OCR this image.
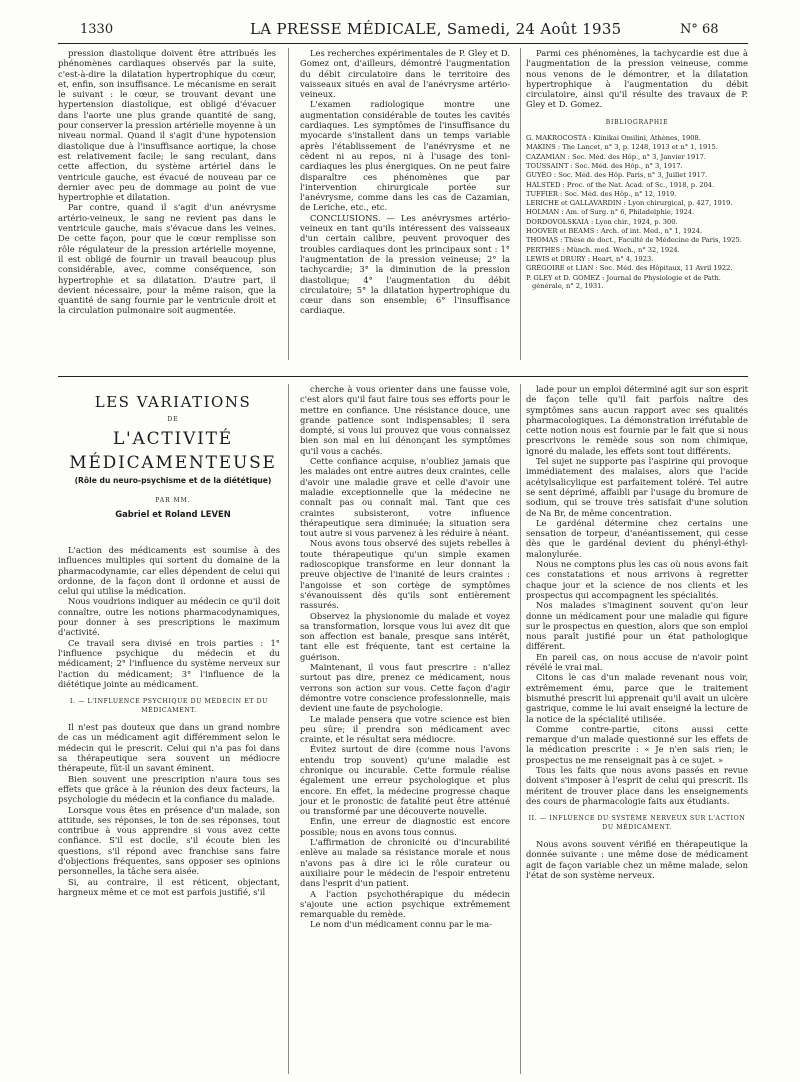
1330	LA PRESSE MÉDICALE, Samedi, 24 Août 1935	N° 68

pression diastolique doivent être attribués les phénomènes cardiaques observés par la suite, c'est-à-dire la dilatation hypertrophique du cœur, et, enfin, son insuffisance. Le mécanisme en serait le suivant : le cœur, se trouvant devant une hypertension diastolique, est obligé d'évacuer dans l'aorte une plus grande quantité de sang, pour conserver la pression artérielle moyenne à un niveau normal. Quand il s'agit d'une hypotension diastolique due à l'insuffisance aortique, la chose est relativement facile; le sang reculant, dans cette affection, du système artériel dans le ventricule gauche, est évacué de nouveau par ce dernier avec peu de dommage au point de vue hypertrophie et dilatation.

Par contre, quand il s'agit d'un anévrysme artério-veineux, le sang ne revient pas dans le ventricule gauche, mais s'évacue dans les veines. De cette façon, pour que le cœur remplisse son rôle régulateur de la pression artérielle moyenne, il est obligé de fournir un travail beaucoup plus considérable, avec, comme conséquence, son hypertrophie et sa dilatation. D'autre part, il devient nécessaire, pour la même raison, que la quantité de sang fournie par le ventricule droit et la circulation pulmonaire soit augmentée.

Les recherches expérimentales de P. Gley et D. Gomez ont, d'ailleurs, démontré l'augmentation du débit circulatoire dans le territoire des vaisseaux situés en aval de l'anévrysme artério-veineux.

L'examen radiologique montre une augmentation considérable de toutes les cavités cardiaques. Les symptômes de l'insuffisance du myocarde s'installent dans un temps variable après l'établissement de l'anévrysme et ne cèdent ni au repos, ni à l'usage des toni-cardiaques les plus énergiques. On ne peut faire disparaître ces phénomènes que par l'intervention chirurgicale portée sur l'anévrysme, comme dans les cas de Cazamian, de Leriche, etc., etc.

CONCLUSIONS. — Les anévrysmes artério-veineux en tant qu'ils intéressent des vaisseaux d'un certain calibre, peuvent provoquer des troubles cardiaques dont les principaux sont : 1° l'augmentation de la pression veineuse; 2° la tachycardie; 3° la diminution de la pression diastolique; 4° l'augmentation du débit circulatoire; 5° la dilatation hypertrophique du cœur dans son ensemble; 6° l'insuffisance cardiaque.

Parmi ces phénomènes, la tachycardie est due à l'augmentation de la pression veineuse, comme nous venons de le démontrer, et la dilatation hypertrophique à l'augmentation du débit circulatoire, ainsi qu'il résulte des travaux de P. Gley et D. Gomez.

BIBLIOGRAPHIE
G. MAKROCOSTA : Klinikai Omilini, Athènes, 1908.
MAKINS : The Lancet, n° 3, p. 1248, 1913 et n° 1, 1915.
CAZAMIAN : Soc. Méd. des Hôp., n° 3, Janvier 1917.
TOUSSAINT : Soc. Méd. des Hôp., n° 3, 1917.
GUYÉO : Soc. Méd. des Hôp. Paris, n° 3, Juillet 1917.
HALSTED : Proc. of the Nat. Acad. of Sc., 1918, p. 204.
TUFFIER : Soc. Méd. des Hôp., n° 12, 1919.
LERICHE et GALLAVARDIN : Lyon chirurgical, p. 427, 1919.
HOLMAN : Am. of Surg. n° 6, Philadelphie, 1924.
DORDOVOLSKAIA : Lyon chir., 1924, p. 300.
HOOVER et BEAMS : Arch. of int. Med., n° 1, 1924.
THOMAS : Thèse de doct., Faculté de Médecine de Paris, 1925.
PERTHES : Münch. med. Woch., n° 32, 1924.
LEWIS et DRURY : Heart, n° 4, 1923.
GRÉGOIRE et LIAN : Soc. Méd. des Hôpitaux, 11 Avril 1922.
P. GLEY et D. GOMEZ : Journal de Physiologie et de Path. générale, n° 2, 1931.
LES VARIATIONS
DE
L'ACTIVITÉ
MÉDICAMENTEUSE
(Rôle du neuro-psychisme et de la diététique)
PAR MM.
Gabriel et Roland LEVEN

L'action des médicaments est soumise à des influences multiples qui sortent du domaine de la pharmacodynamie, car elles dépendent de celui qui ordonne, de la façon dont il ordonne et aussi de celui qui utilise la médication.

Nous voudrions indiquer au médecin ce qu'il doit connaître, outre les notions pharmacodynamiques, pour donner à ses prescriptions le maximum d'activité.

Ce travail sera divisé en trois parties : 1° l'influence psychique du médecin et du médicament; 2° l'influence du système nerveux sur l'action du médicament; 3° l'influence de la diététique jointe au médicament.

I. — L'INFLUENCE PSYCHIQUE DU MÉDECIN ET DU MÉDICAMENT.

Il n'est pas douteux que dans un grand nombre de cas un médicament agit différemment selon le médecin qui le prescrit. Celui qui n'a pas foi dans sa thérapeutique sera souvent un médiocre thérapeute, fût-il un savant éminent.

Bien souvent une prescription n'aura tous ses effets que grâce à la réunion des deux facteurs, la psychologie du médecin et la confiance du malade.

Lorsque vous êtes en présence d'un malade, son attitude, ses réponses, le ton de ses réponses, tout contribue à vous apprendre si vous avez cette confiance. S'il est docile, s'il écoute bien les questions, s'il répond avec franchise sans faire d'objections fréquentes, sans opposer ses opinions personnelles, la tâche sera aisée.

Si, au contraire, il est réticent, objectant, hargneux même et ce mot est parfois justifié, s'il

cherche à vous orienter dans une fausse voie, c'est alors qu'il faut faire tous ses efforts pour le mettre en confiance. Une résistance douce, une grande patience sont indispensables; il sera dompté, si vous lui prouvez que vous connaissez bien son mal en lui dénonçant les symptômes qu'il vous a cachés.

Cette confiance acquise, n'oubliez jamais que les malades ont entre autres deux craintes, celle d'avoir une maladie grave et celle d'avoir une maladie exceptionnelle que la médecine ne connaît pas ou connaît mal. Tant que ces craintes subsisteront, votre influence thérapeutique sera diminuée; la situation sera tout autre si vous parvenez à les réduire à néant.

Nous avons tous observé des sujets rebelles à toute thérapeutique qu'un simple examen radioscopique transforme en leur donnant la preuve objective de l'inanité de leurs craintes : l'angoisse et son cortège de symptômes s'évanouissent dès qu'ils sont entièrement rassurés.

Observez la physionomie du malade et voyez sa transformation, lorsque vous lui avez dit que son affection est banale, presque sans intérêt, tant elle est fréquente, tant est certaine la guérison.

Maintenant, il vous faut prescrire : n'allez surtout pas dire, prenez ce médicament, nous verrons son action sur vous. Cette façon d'agir démontre votre conscience professionnelle, mais devient une faute de psychologie.

Le malade pensera que votre science est bien peu sûre; il prendra son médicament avec crainte, et le résultat sera médiocre.

Évitez surtout de dire (comme nous l'avons entendu trop souvent) qu'une maladie est chronique ou incurable. Cette formule réalise également une erreur psychologique et plus encore. En effet, la médecine progresse chaque jour et le pronostic de fatalité peut être atténué ou transformé par une découverte nouvelle.

Enfin, une erreur de diagnostic est encore possible; nous en avons tous connus.

L'affirmation de chronicité ou d'incurabilité enlève au malade sa résistance morale et nous n'avons pas à dire ici le rôle curateur ou auxiliaire pour le médecin de l'espoir entretenu dans l'esprit d'un patient.

A l'action psychothérapique du médecin s'ajoute une action psychique extrêmement remarquable du remède.

Le nom d'un médicament connu par le ma-

lade pour un emploi déterminé agit sur son esprit de façon telle qu'il fait parfois naître des symptômes sans aucun rapport avec ses qualités pharmacologiques. La démonstration irréfutable de cette notion nous est fournie par le fait que si nous prescrivons le remède sous son nom chimique, ignoré du malade, les effets sont tout différents.

Tel sujet ne supporte pas l'aspirine qui provoque immédiatement des malaises, alors que l'acide acétylsalicylique est parfaitement toléré. Tel autre se sent déprimé, affaibli par l'usage du bromure de sodium, qui se trouve très satisfait d'une solution de Na Br, de même concentration.

Le gardénal détermine chez certains une sensation de torpeur, d'anéantissement, qui cesse dès que le gardénal devient du phényl-éthyl-malonylurée.

Nous ne comptons plus les cas où nous avons fait ces constatations et nous arrivons à regretter chaque jour et la science de nos clients et les prospectus qui accompagnent les spécialités.

Nos malades s'imaginent souvent qu'on leur donne un médicament pour une maladie qui figure sur le prospectus en question, alors que son emploi nous paraît justifié pour un état pathologique différent.

En pareil cas, on nous accuse de n'avoir point révélé le vrai mal.

Citons le cas d'un malade revenant nous voir, extrêmement ému, parce que le traitement bismuthé prescrit lui apprenait qu'il avait un ulcère gastrique, comme le lui avait enseigné la lecture de la notice de la spécialité utilisée.

Comme contre-partie, citons aussi cette remarque d'un malade questionné sur les effets de la médication prescrite : « Je n'en sais rien; le prospectus ne me renseignait pas à ce sujet. »

Tous les faits que nous avons passés en revue doivent s'imposer à l'esprit de celui qui prescrit. Ils méritent de trouver place dans les enseignements des cours de pharmacologie faits aux étudiants.

II. — INFLUENCE DU SYSTÈME NERVEUX SUR L'ACTION DU MÉDICAMENT.

Nous avons souvent vérifié en thérapeutique la donnée suivante : une même dose de médicament agit de façon variable chez un même malade, selon l'état de son système nerveux.
